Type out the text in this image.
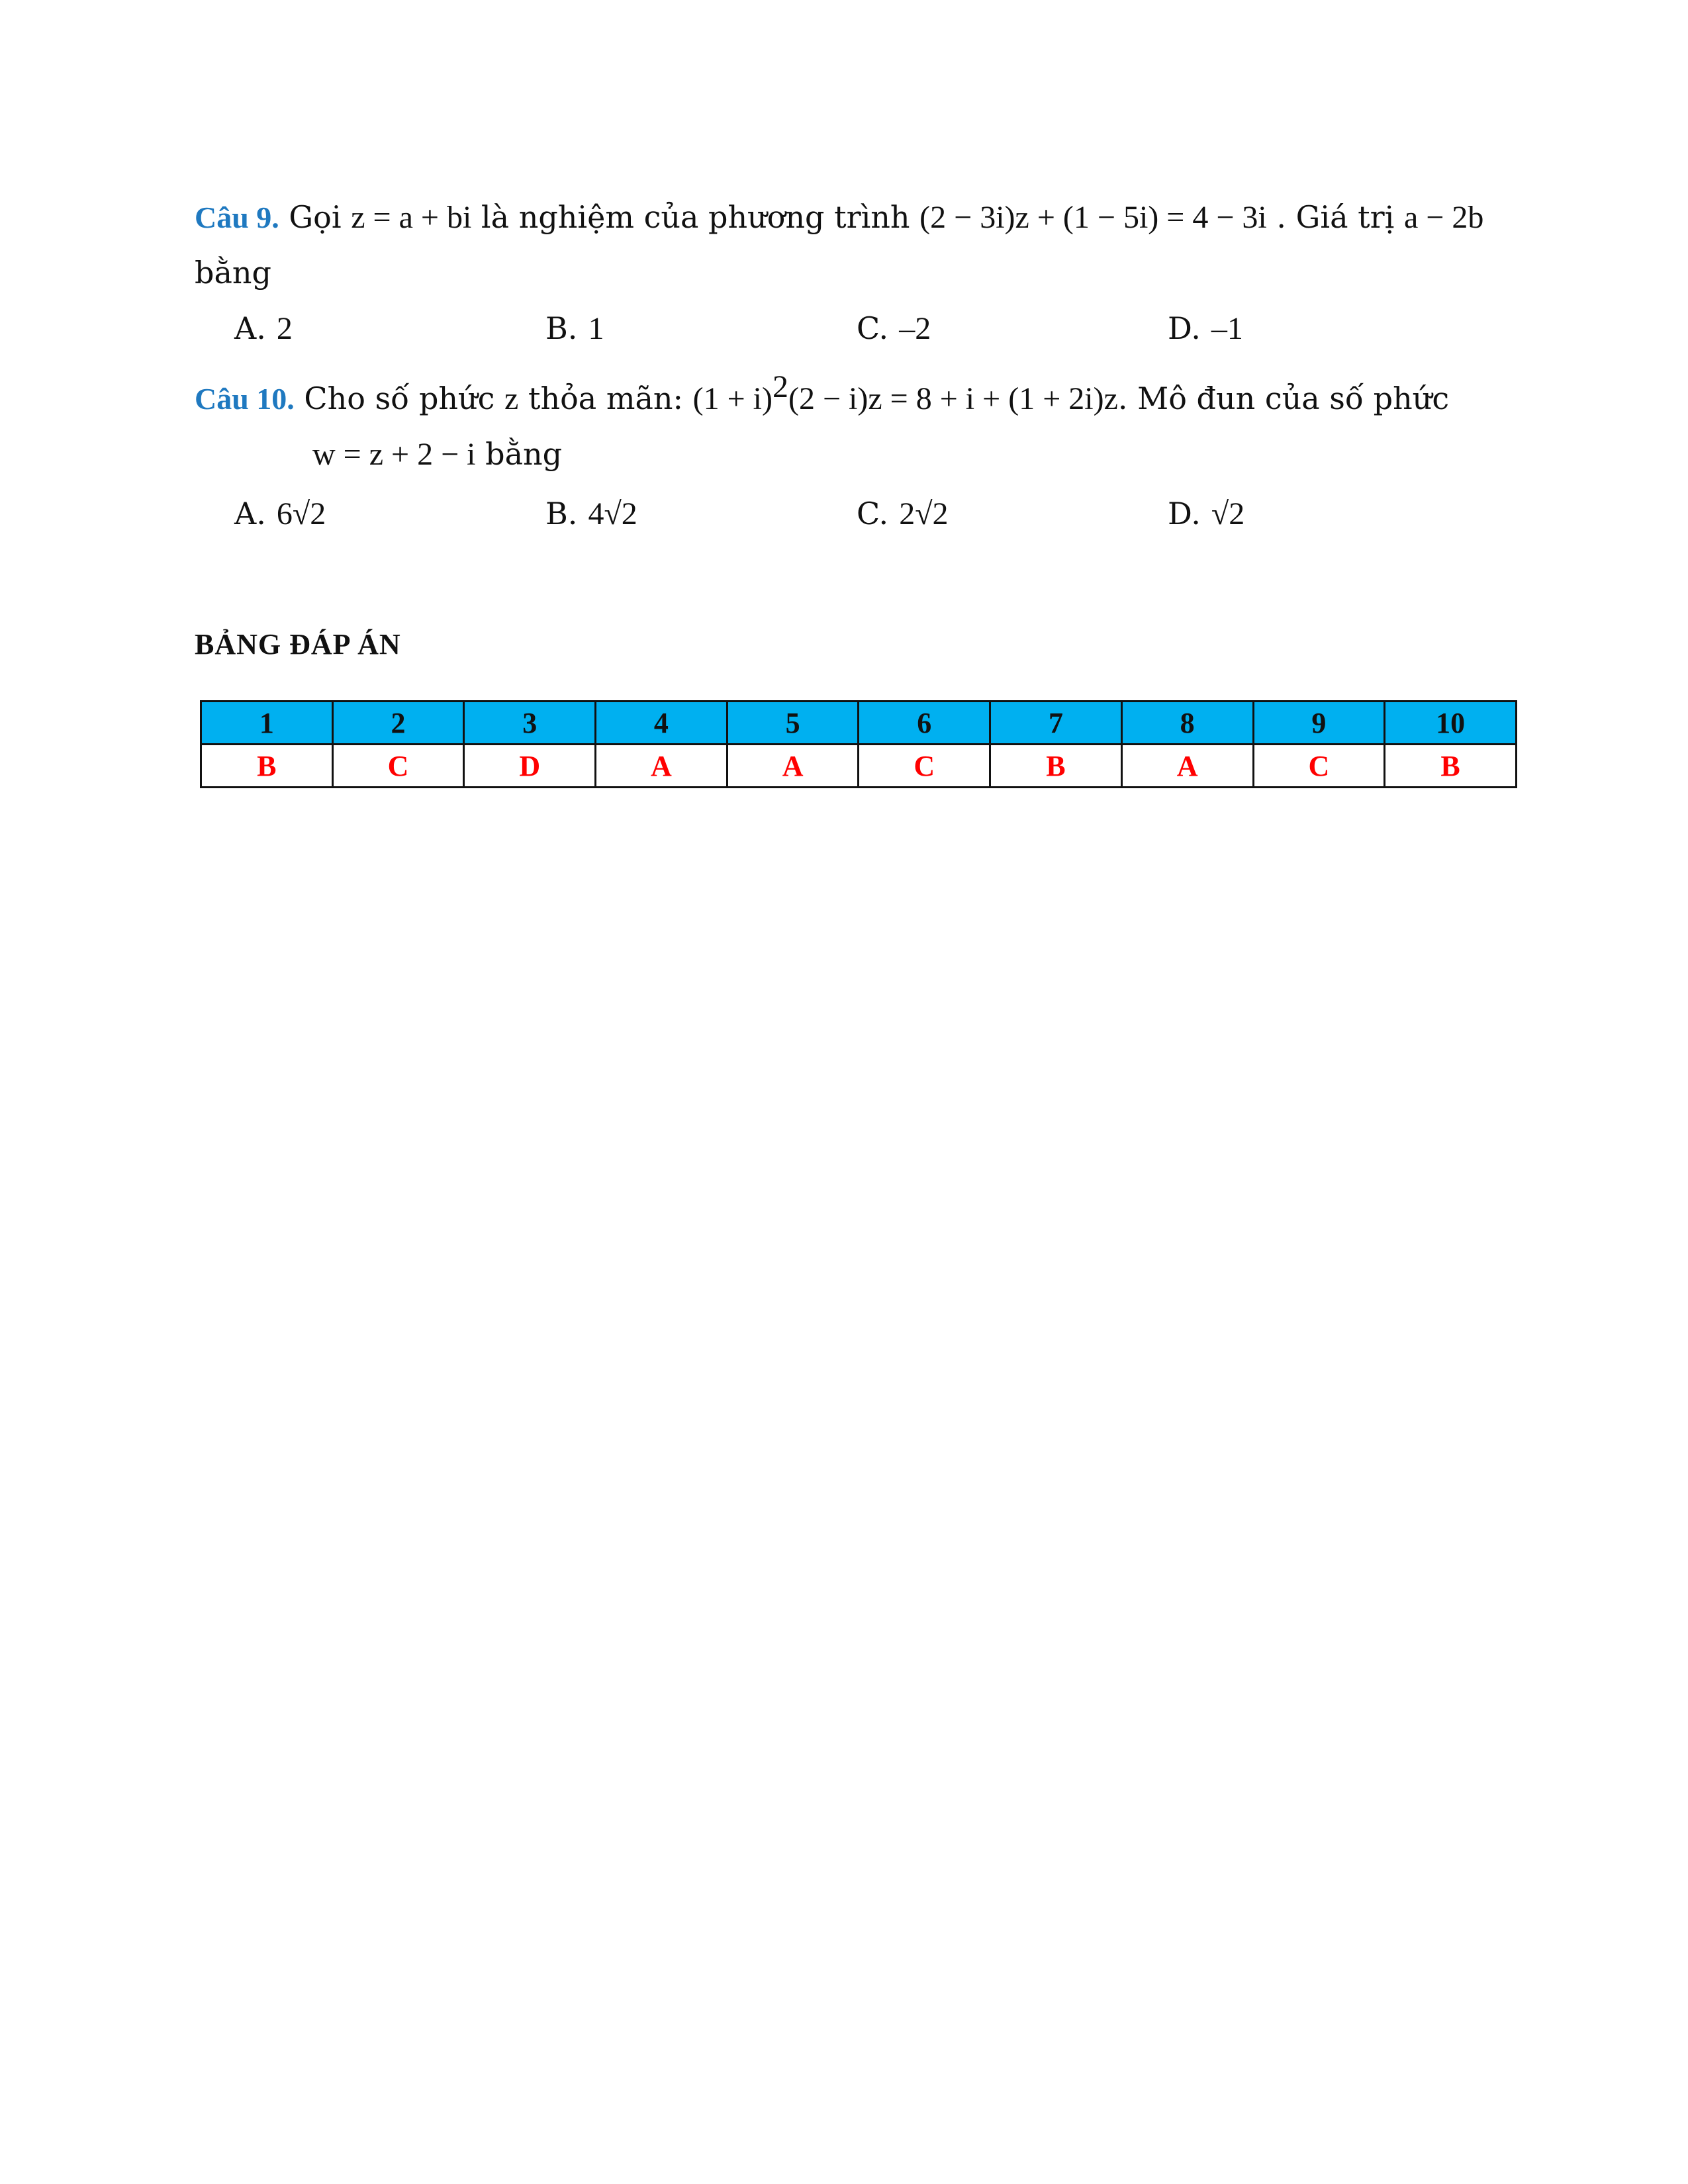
Câu 9. Gọi z = a + bi là nghiệm của phương trình (2 − 3i)z + (1 − 5i) = 4 − 3i . Giá trị a − 2b
bằng
A. 2	B. 1	C. –2	D. –1
Câu 10. Cho số phức z thỏa mãn: $(1 + i)^2(2 - i)z = 8 + i + (1 + 2i)z$. Mô đun của số phức
w = z + 2 − i bằng
A. 6√2	B. 4√2	C. 2√2	D. √2
BẢNG ĐÁP ÁN
1	2	3	4	5	6	7	8	9	10
B	C	D	A	A	C	B	A	C	B
